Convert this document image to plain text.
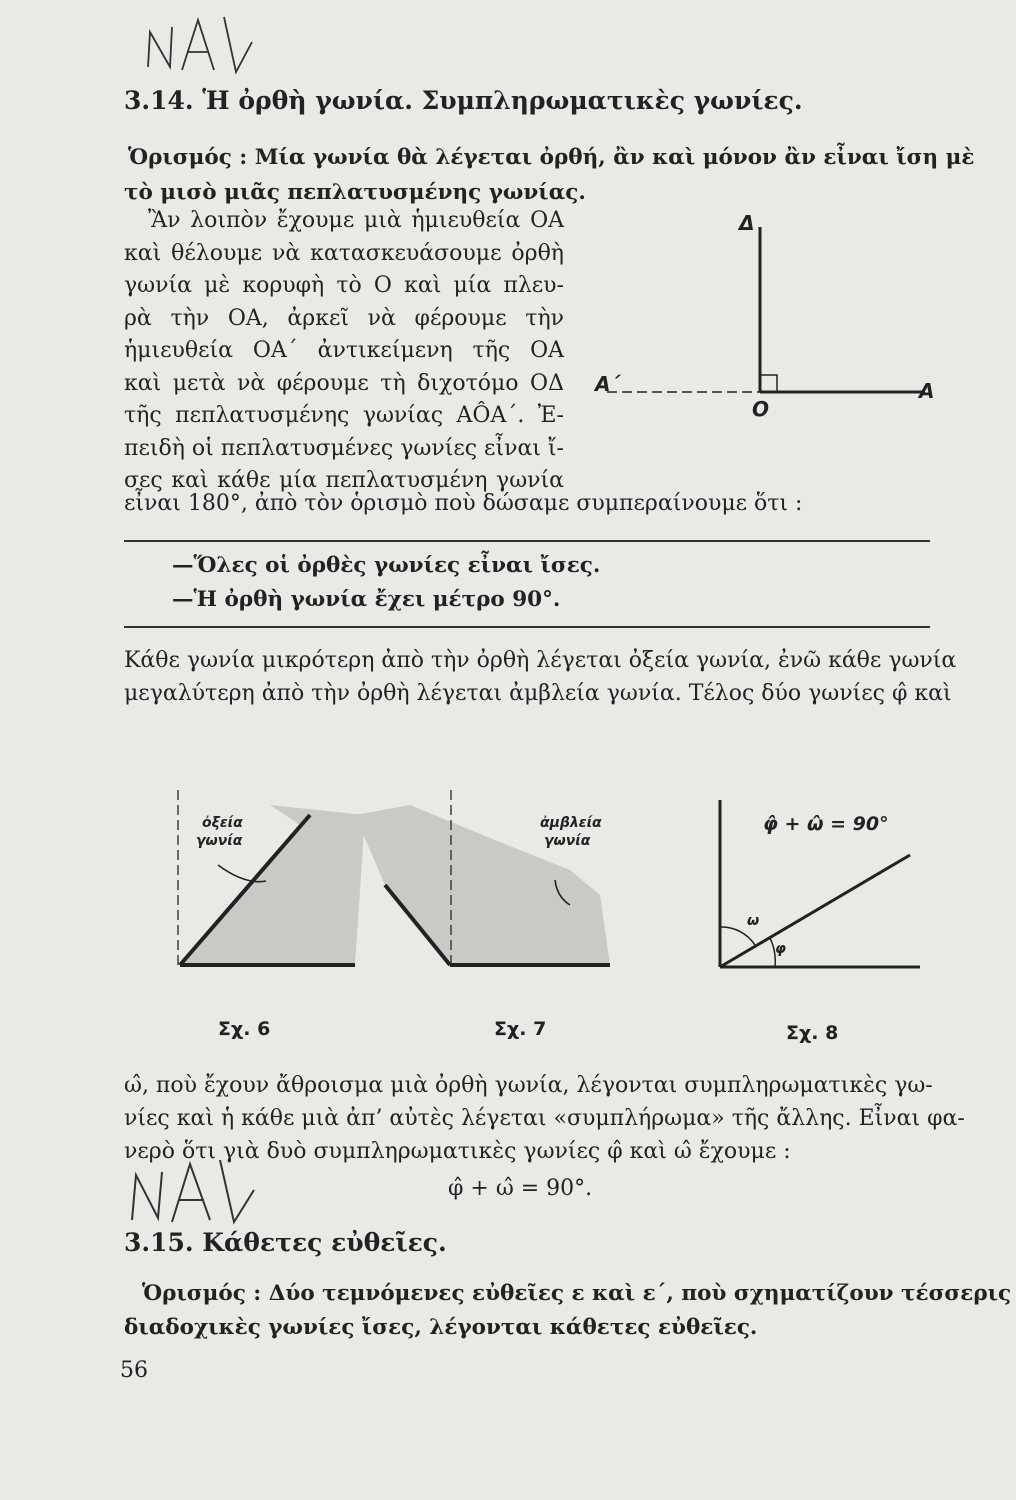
3.14. Ἡ ὀρθὴ γωνία. Συμπληρωματικὲς γωνίες.
Ὁρισμός : Μία γωνία θὰ λέγεται ὀρθή, ἂν καὶ μόνον ἂν εἶναι ἴση μὲ
τὸ μισὸ μιᾶς πεπλατυσμένης γωνίας.
Ἂν λοιπὸν ἔχουμε μιὰ ἡμιευθεία ΟΑ
καὶ θέλουμε νὰ κατασκευάσουμε ὀρθὴ
γωνία μὲ κορυφὴ τὸ Ο καὶ μία πλευ-
ρὰ τὴν ΟΑ, ἀρκεῖ νὰ φέρουμε τὴν
ἡμιευθεία ΟΑ΄ ἀντικείμενη τῆς ΟΑ
καὶ μετὰ νὰ φέρουμε τὴ διχοτόμο ΟΔ
τῆς πεπλατυσμένης γωνίας ΑÔΑ΄. Ἐ-
πειδὴ οἱ πεπλατυσμένες γωνίες εἶναι ἴ-
σες καὶ κάθε μία πεπλατυσμένη γωνία
εἶναι 180°, ἀπὸ τὸν ὁρισμὸ ποὺ δώσαμε συμπεραίνουμε ὅτι :
Δ
Α΄	Α
Ο
—Ὅλες οἱ ὀρθὲς γωνίες εἶναι ἴσες.
—Ἡ ὀρθὴ γωνία ἔχει μέτρο 90°.
Κάθε γωνία μικρότερη ἀπὸ τὴν ὀρθὴ λέγεται ὀξεία γωνία, ἐνῶ κάθε γωνία
μεγαλύτερη ἀπὸ τὴν ὀρθὴ λέγεται ἀμβλεία γωνία. Τέλος δύο γωνίες φ̂ καὶ
ὀξεία
γωνία
Σχ. 6
ἀμβλεία
γωνία
Σχ. 7
φ̂ + ω̂ = 90°
ω
φ
Σχ. 8
ω̂, ποὺ ἔχουν ἄθροισμα μιὰ ὀρθὴ γωνία, λέγονται συμπληρωματικὲς γω-
νίες καὶ ἡ κάθε μιὰ ἀπ’ αὐτὲς λέγεται «συμπλήρωμα» τῆς ἄλλης. Εἶναι φα-
νερὸ ὅτι γιὰ δυὸ συμπληρωματικὲς γωνίες φ̂ καὶ ω̂ ἔχουμε :
φ̂ + ω̂ = 90°.
3.15. Κάθετες εὐθεῖες.
Ὁρισμός : Δύο τεμνόμενες εὐθεῖες ε καὶ ε΄, ποὺ σχηματίζουν τέσσερις
διαδοχικὲς γωνίες ἴσες, λέγονται κάθετες εὐθεῖες.
56
